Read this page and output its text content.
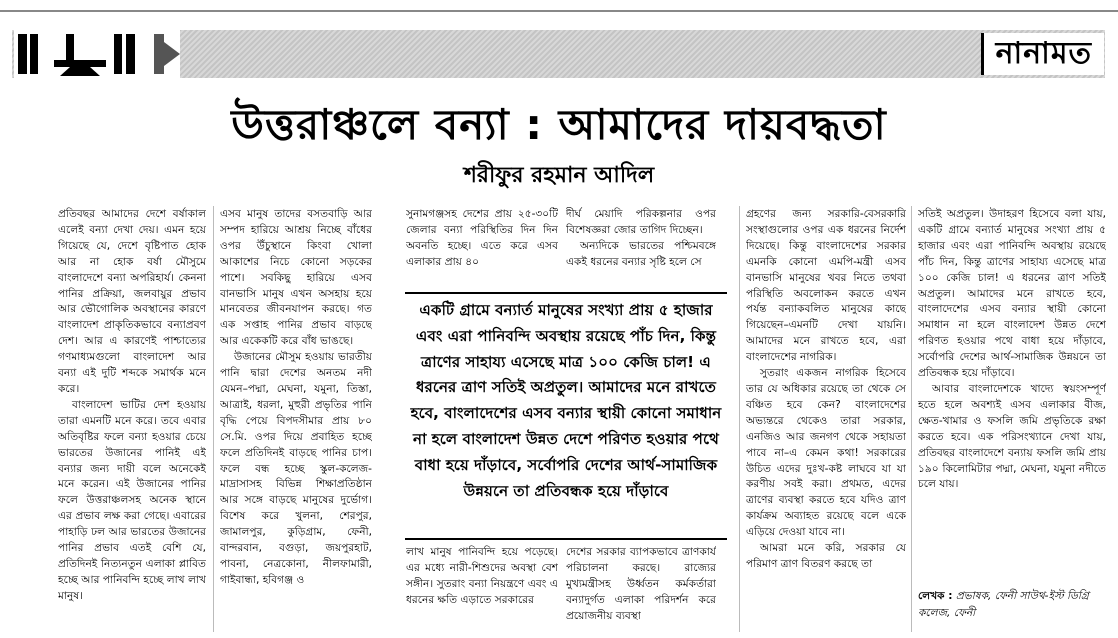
নানামত
উত্তরাঞ্চলে বন্যা : আমাদের দায়বদ্ধতা
শরীফুর রহমান আদিল

প্রতিবছর আমাদের দেশে বর্ষাকাল এলেই বন্যা দেখা দেয়। এমন হয়ে গিয়েছে যে, দেশে বৃষ্টিপাত হোক আর না হোক বর্ষা মৌসুমে বাংলাদেশে বন্যা অপরিহার্য। কেননা পানির প্রক্রিয়া, জলবায়ুর প্রভাব আর ভৌগোলিক অবস্থানের কারণে বাংলাদেশ প্রাকৃতিকভাবে বন্যাপ্রবণ দেশ। আর এ কারণেই পাশ্চাত্যের গণমাধ্যমগুলো বাংলাদেশ আর বন্যা এই দুটি শব্দকে সমার্থক মনে করে।

বাংলাদেশ ভাটির দেশ হওয়ায় তারা এমনটি মনে করে। তবে এবার অতিবৃষ্টির ফলে বন্যা হওয়ার চেয়ে ভারতের উজানের পানিই এই বন্যার জন্য দায়ী বলে অনেকেই মনে করেন। এই উজানের পানির ফলে উত্তরাঞ্চলসহ অনেক স্থানে এর প্রভাব লক্ষ করা গেছে। এবারের পাহাড়ি ঢল আর ভারতের উজানের পানির প্রভাব এতই বেশি যে, প্রতিদিনই নিত্যনতুন এলাকা প্লাবিত হচ্ছে আর পানিবন্দি হচ্ছে লাখ লাখ মানুষ।

এসব মানুষ তাদের বসতবাড়ি আর সম্পদ হারিয়ে আশ্রয় নিচ্ছে বাঁধের ওপর উঁচুস্থানে কিংবা খোলা আকাশের নিচে কোনো সড়কের পাশে। সবকিছু হারিয়ে এসব বানভাসি মানুষ এখন অসহায় হয়ে মানবেতর জীবনযাপন করছে। গত এক সপ্তাহ পানির প্রভাব বাড়ছে আর একেকটি করে বাঁধ ভাঙছে।

উজানের মৌসুম হওয়ায় ভারতীয় পানি দ্বারা দেশের অনতম নদী যেমন–পদ্মা, মেঘনা, যমুনা, তিস্তা, আত্রাই, ধরলা, মুহুরী প্রভৃতির পানি বৃদ্ধি পেয়ে বিপদসীমার প্রায় ৮০ সে.মি. ওপর দিয়ে প্রবাহিত হচ্ছে ফলে প্রতিদিনই বাড়ছে পানির চাপ। ফলে বন্ধ হচ্ছে স্কুল-কলেজ-মাদ্রাসাসহ বিভিন্ন শিক্ষাপ্রতিষ্ঠান আর সঙ্গে বাড়ছে মানুষের দুর্ভোগ। বিশেষ করে খুলনা, শেরপুর, জামালপুর, কুড়িগ্রাম, ফেনী, বান্দরবান, বগুড়া, জয়পুরহাট, পাবনা, নেত্রকোনা, নীলফামারী, গাইবান্ধা, হবিগঞ্জ ও

সুনামগঞ্জসহ দেশের প্রায় ২৫-৩০টি জেলার বন্যা পরিস্থিতির দিন দিন অবনতি হচ্ছে। এতে করে এসব এলাকার প্রায় ৪০

দীর্ঘ মেয়াদি পরিকল্পনার ওপর বিশেষজ্ঞরা জোর তাগিদ দিচ্ছেন।

অন্যদিকে ভারতের পশ্চিমবঙ্গে একই ধরনের বন্যার সৃষ্টি হলে সে

একটি গ্রামে বন্যার্ত মানুষের সংখ্যা প্রায় ৫ হাজার এবং এরা পানিবন্দি অবস্থায় রয়েছে পাঁচ দিন, কিন্তু ত্রাণের সাহায্য এসেছে মাত্র ১০০ কেজি চাল! এ ধরনের ত্রাণ সতিই অপ্রতুল। আমাদের মনে রাখতে হবে, বাংলাদেশের এসব বন্যার স্থায়ী কোনো সমাধান না হলে বাংলাদেশ উন্নত দেশে পরিণত হওয়ার পথে বাধা হয়ে দাঁড়াবে, সর্বোপরি দেশের আর্থ-সামাজিক উন্নয়নে তা প্রতিবন্ধক হয়ে দাঁড়াবে

লাখ মানুষ পানিবন্দি হয়ে পড়েছে। এর মধ্যে নারী-শিশুদের অবস্থা বেশ সঙ্গীন। সুতরাং বন্যা নিয়ন্ত্রণে এবং এ ধরনের ক্ষতি এড়াতে সরকারের

দেশের সরকার ব্যাপকভাবে ত্রাণকার্য পরিচালনা করছে। রাজ্যের মুখ্যমন্ত্রীসহ উর্ধ্বতন কর্মকর্তারা বন্যাদুর্গত এলাকা পরিদর্শন করে প্রয়োজনীয় ব্যবস্থা

গ্রহণের জন্য সরকারি-বেসরকারি সংস্থাগুলোর ওপর এক ধরনের নির্দেশ দিয়েছে। কিন্তু বাংলাদেশের সরকার এমনকি কোনো এমপি-মন্ত্রী এসব বানভাসি মানুষের খবর নিতে তথবা পরিস্থিতি অবলোকন করতে এখন পর্যন্ত বন্যাকবলিত মানুষের কাছে গিয়েছেন–এমনটি দেখা যায়নি। আমাদের মনে রাখতে হবে, এরা বাংলাদেশের নাগরিক।

সুতরাং একজন নাগরিক হিসেবে তার যে অধিকার রয়েছে তা থেকে সে বঞ্চিত হবে কেন? বাংলাদেশের অভ্যন্তরে থেকেও তারা সরকার, এনজিও আর জনগণ থেকে সহায়তা পাবে না–এ কেমন কথা! সরকারের উচিত এদের দুঃখ-কষ্ট লাঘবে যা যা করণীয় সবই করা। প্রথমত, এদের ত্রাণের ব্যবস্থা করতে হবে যদিও ত্রাণ কার্যক্রম অব্যাহত রয়েছে বলে একে এড়িয়ে দেওয়া যাবে না।

আমরা মনে করি, সরকার যে পরিমাণ ত্রাণ বিতরণ করছে তা

সতিই অপ্রতুল। উদাহরণ হিসেবে বলা যায়, একটি গ্রামে বন্যার্ত মানুষের সংখ্যা প্রায় ৫ হাজার এবং এরা পানিবন্দি অবস্থায় রয়েছে পাঁচ দিন, কিন্তু ত্রাণের সাহায্য এসেছে মাত্র ১০০ কেজি চাল! এ ধরনের ত্রাণ সতিই অপ্রতুল। আমাদের মনে রাখতে হবে, বাংলাদেশের এসব বন্যার স্থায়ী কোনো সমাধান না হলে বাংলাদেশ উন্নত দেশে পরিণত হওয়ার পথে বাধা হয়ে দাঁড়াবে, সর্বোপরি দেশের আর্থ-সামাজিক উন্নয়নে তা প্রতিবন্ধক হয়ে দাঁড়াবে।

আবার বাংলাদেশকে খাদ্যে স্বয়ংসম্পূর্ণ হতে হলে অবশ্যই এসব এলাকার বীজ, ক্ষেত-খামার ও ফসলি জমি প্রভৃতিকে রক্ষা করতে হবে। এক পরিসংখ্যানে দেখা যায়, প্রতিবছর বাংলাদেশে বন্যায় ফসলি জমি প্রায় ১৯০ কিলোমিটার পদ্মা, মেঘনা, যমুনা নদীতে চলে যায়।

লেখক : প্রভাষক, ফেনী সাউথ-ইস্ট ডিগ্রি কলেজ, ফেনী
